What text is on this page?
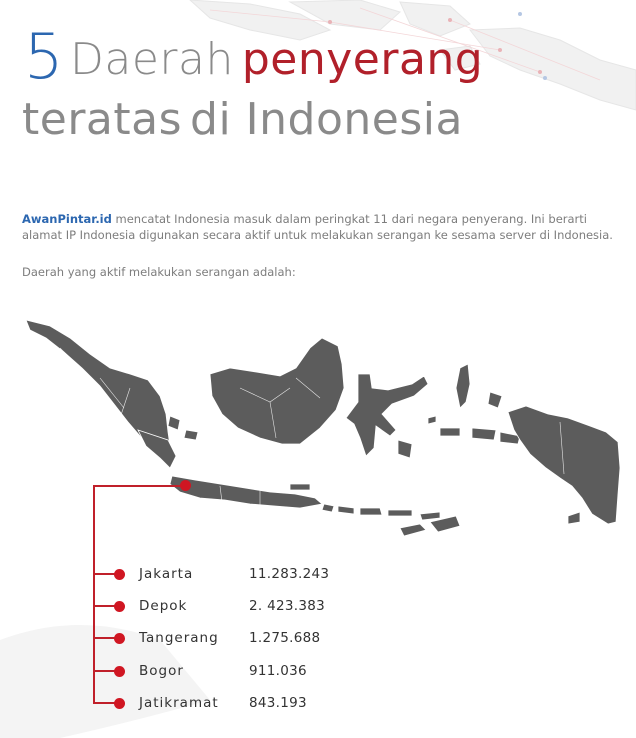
5 Daerah penyerang
teratas di Indonesia
AwanPintar.id mencatat Indonesia masuk dalam peringkat 11 dari negara penyerang. Ini berarti alamat IP Indonesia digunakan secara aktif untuk melakukan serangan ke sesama server di Indonesia.
Daerah yang aktif melakukan serangan adalah:
Jakarta	11.283.243
Depok	2. 423.383
Tangerang	1.275.688
Bogor	911.036
Jatikramat	843.193
